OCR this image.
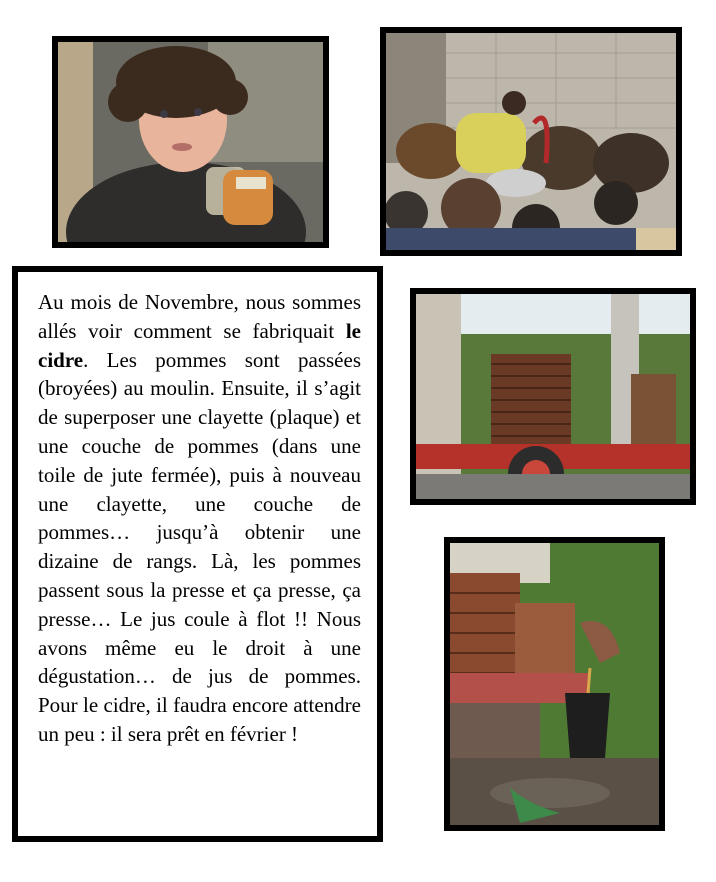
Au mois de Novembre, nous sommes allés voir comment se fabriquait le cidre. Les pommes sont passées (broyées) au moulin. Ensuite, il s’agit de superposer une clayette (plaque) et une couche de pommes (dans une toile de jute fermée), puis à nouveau une clayette, une couche de pommes… jusqu’à obtenir une dizaine de rangs. Là, les pommes passent sous la presse et ça presse, ça presse… Le jus coule à flot !! Nous avons même eu le droit à une dégustation… de jus de pommes. Pour le cidre, il faudra encore attendre un peu : il sera prêt en février !
